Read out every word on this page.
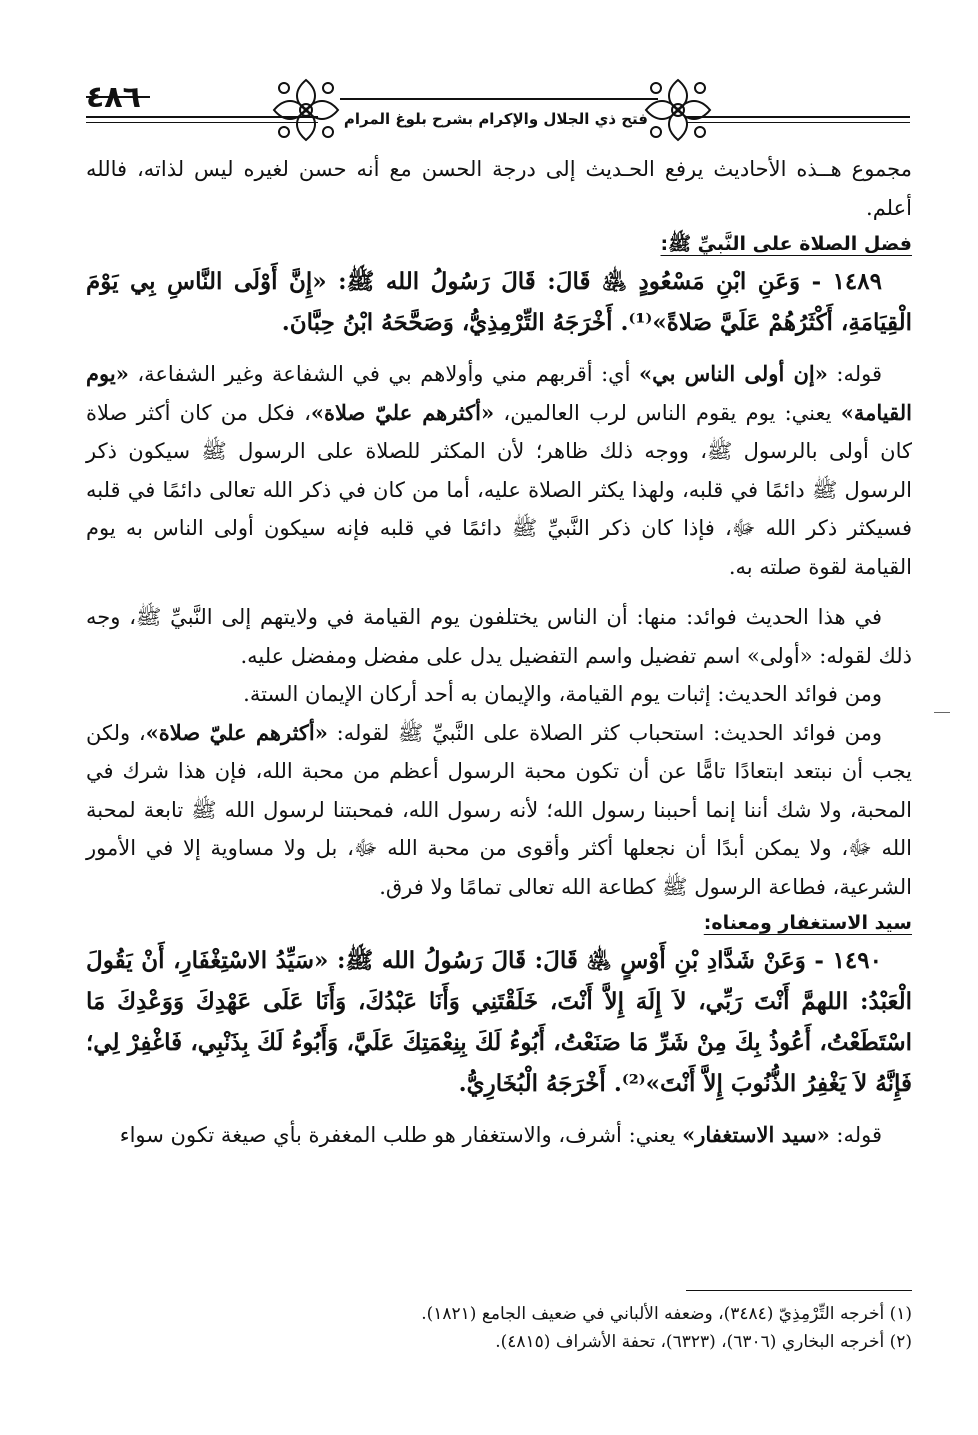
٤٨٦
فتح ذي الجلال والإكرام بشرح بلوغ المرام

مجموع هــذه الأحاديث يرفع الحـديث إلى درجة الحسن مع أنه حسن لغيره ليس لذاته، فالله أعلم.

فضل الصلاة على النَّبيِّ ﷺ:

١٤٨٩ - وَعَنِ ابْنِ مَسْعُودٍ ﵁ قَالَ: قَالَ رَسُولُ الله ﷺ: «إِنَّ أَوْلَى النَّاسِ بِي يَوْمَ الْقِيَامَةِ، أَكْثَرُهُمْ عَلَيَّ صَلاةً»⁽¹⁾. أَخْرَجَهُ التِّرْمِذِيُّ، وَصَحَّحَهُ ابْنُ حِبَّانَ.

قوله: «إن أولى الناس بي» أي: أقربهم مني وأولاهم بي في الشفاعة وغير الشفاعة، «يوم القيامة» يعني: يوم يقوم الناس لرب العالمين، «أكثرهم عليّ صلاة»، فكل من كان أكثر صلاة كان أولى بالرسول ﷺ، ووجه ذلك ظاهر؛ لأن المكثر للصلاة على الرسول ﷺ سيكون ذكر الرسول ﷺ دائمًا في قلبه، ولهذا يكثر الصلاة عليه، أما من كان في ذكر الله تعالى دائمًا في قلبه فسيكثر ذكر الله ﷻ، فإذا كان ذكر النَّبيِّ ﷺ دائمًا في قلبه فإنه سيكون أولى الناس به يوم القيامة لقوة صلته به.

في هذا الحديث فوائد: منها: أن الناس يختلفون يوم القيامة في ولايتهم إلى النَّبيِّ ﷺ، وجه ذلك لقوله: «أولى» اسم تفضيل واسم التفضيل يدل على مفضل ومفضل عليه.

ومن فوائد الحديث: إثبات يوم القيامة، والإيمان به أحد أركان الإيمان الستة.

ومن فوائد الحديث: استحباب كثر الصلاة على النَّبيِّ ﷺ لقوله: «أكثرهم عليّ صلاة»، ولكن يجب أن نبتعد ابتعادًا تامًّا عن أن تكون محبة الرسول أعظم من محبة الله، فإن هذا شرك في المحبة، ولا شك أننا إنما أحببنا رسول الله؛ لأنه رسول الله، فمحبتنا لرسول الله ﷺ تابعة لمحبة الله ﷻ، ولا يمكن أبدًا أن نجعلها أكثر وأقوى من محبة الله ﷻ، بل ولا مساوية إلا في الأمور الشرعية، فطاعة الرسول ﷺ كطاعة الله تعالى تمامًا ولا فرق.

سيد الاستغفار ومعناه:

١٤٩٠ - وَعَنْ شَدَّادِ بْنِ أَوْسٍ ﵁ قَالَ: قَالَ رَسُولُ الله ﷺ: «سَيِّدُ الاسْتِغْفَارِ، أَنْ يَقُولَ الْعَبْدُ: اللهمَّ أَنْتَ رَبِّي، لاَ إِلَهَ إِلاَّ أَنْتَ، خَلَقْتَنِي وَأَنَا عَبْدُكَ، وَأَنَا عَلَى عَهْدِكَ وَوَعْدِكَ مَا اسْتَطَعْتُ، أَعُوذُ بِكَ مِنْ شَرِّ مَا صَنَعْتُ، أَبُوءُ لَكَ بِنِعْمَتِكَ عَلَيَّ، وَأَبُوءُ لَكَ بِذَنْبِي، فَاغْفِرْ لِي؛ فَإِنَّهُ لاَ يَغْفِرُ الذُّنُوبَ إِلاَّ أَنْتَ»⁽²⁾. أَخْرَجَهُ الْبُخَارِيُّ.

قوله: «سيد الاستغفار» يعني: أشرف، والاستغفار هو طلب المغفرة بأي صيغة تكون سواء

(١) أخرجه التِّرْمِذِيّ (٣٤٨٤)، وضعفه الألباني في ضعيف الجامع (١٨٢١).

(٢) أخرجه البخاري (٦٣٠٦)، (٦٣٢٣)، تحفة الأشراف (٤٨١٥).
